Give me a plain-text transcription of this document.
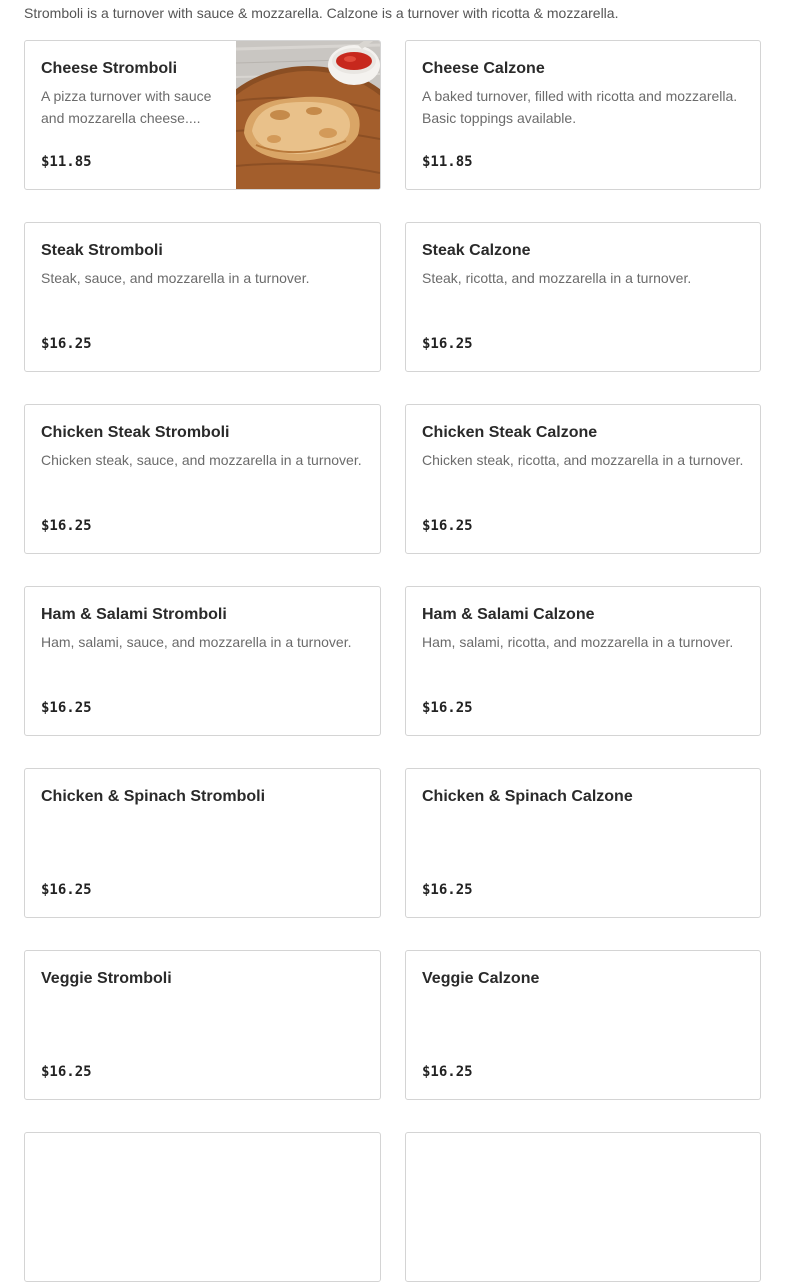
Stromboli is a turnover with sauce & mozzarella. Calzone is a turnover with ricotta & mozzarella.
Cheese Stromboli
A pizza turnover with sauce and mozzarella cheese....
$11.85
Cheese Calzone
A baked turnover, filled with ricotta and mozzarella. Basic toppings available.
$11.85
Steak Stromboli
Steak, sauce, and mozzarella in a turnover.
$16.25
Steak Calzone
Steak, ricotta, and mozzarella in a turnover.
$16.25
Chicken Steak Stromboli
Chicken steak, sauce, and mozzarella in a turnover.
$16.25
Chicken Steak Calzone
Chicken steak, ricotta, and mozzarella in a turnover.
$16.25
Ham & Salami Stromboli
Ham, salami, sauce, and mozzarella in a turnover.
$16.25
Ham & Salami Calzone
Ham, salami, ricotta, and mozzarella in a turnover.
$16.25
Chicken & Spinach Stromboli
$16.25
Chicken & Spinach Calzone
$16.25
Veggie Stromboli
$16.25
Veggie Calzone
$16.25
